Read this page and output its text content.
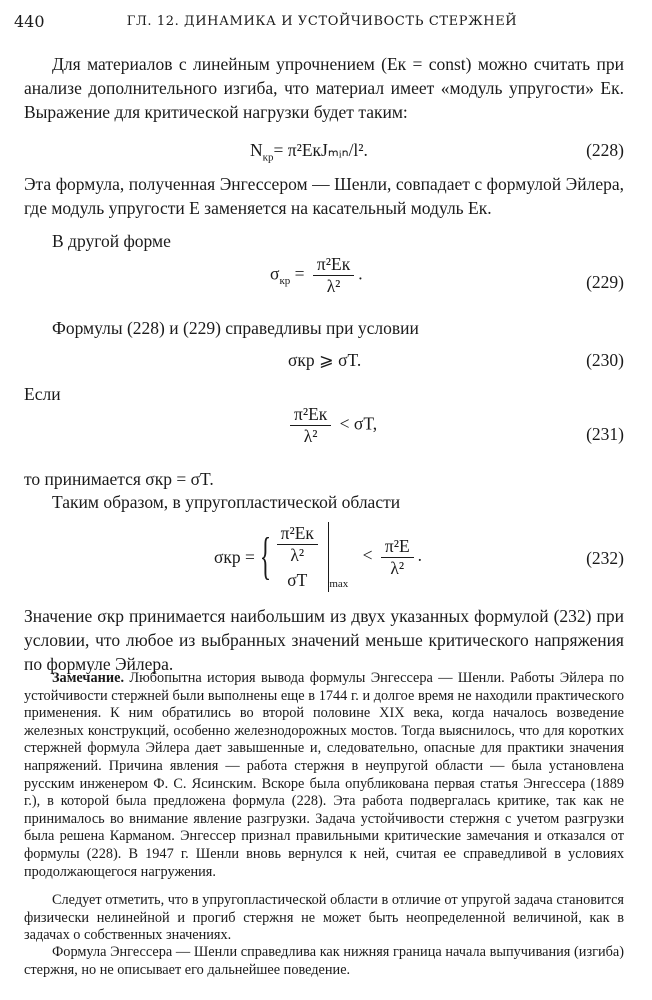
440	ГЛ. 12. ДИНАМИКА И УСТОЙЧИВОСТЬ СТЕРЖНЕЙ
Для материалов с линейным упрочнением (Eк = const) можно считать при анализе дополнительного изгиба, что материал имеет «модуль упругости» Eк. Выражение для критической нагрузки будет таким:
$N_{кр}=$ π²EкJₘᵢₙ/l².	(228)
Эта формула, полученная Энгессером — Шенли, совпадает с формулой Эйлера, где модуль упругости E заменяется на касательный модуль Eк.
В другой форме
$\sigma_{кр} = \frac{\text{π²Eк}}{\text{λ²}}$ .	(229)
Формулы (228) и (229) справедливы при условии
σкр ⩾ σT.	(230)
Если
$\frac{\text{π²Eк}}{\text{λ²}} < \sigma T$,
(231)
то принимается σкр = σT.
Таким образом, в упругопластической области
σкр = { $\frac{\text{π²Eк}}{\text{λ²}}$
σT	$_{max} < \frac{\text{π²E}}{\text{λ²}}$ .	(232)
Значение σкр принимается наибольшим из двух указанных формулой (232) при условии, что любое из выбранных значений меньше критического напряжения по формуле Эйлера.
Замечание. Любопытна история вывода формулы Энгессера — Шенли. Работы Эйлера по устойчивости стержней были выполнены еще в 1744 г. и долгое время не находили практического применения. К ним обратились во второй половине XIX века, когда началось возведение железных конструкций, особенно железнодорожных мостов. Тогда выяснилось, что для коротких стержней формула Эйлера дает завышенные и, следовательно, опасные для практики значения напряжений. Причина явления — работа стержня в неупругой области — была установлена русским инженером Ф. С. Ясинским. Вскоре была опубликована первая статья Энгессера (1889 г.), в которой была предложена формула (228). Эта работа подвергалась критике, так как не принималось во внимание явление разгрузки. Задача устойчивости стержня с учетом разгрузки была решена Карманом. Энгессер признал правильными критические замечания и отказался от формулы (228). В 1947 г. Шенли вновь вернулся к ней, считая ее справедливой в условиях продолжающегося нагружения.
Следует отметить, что в упругопластической области в отличие от упругой задача становится физически нелинейной и прогиб стержня не может быть неопределенной величиной, как в задачах о собственных значениях.
Формула Энгессера — Шенли справедлива как нижняя граница начала выпучивания (изгиба) стержня, но не описывает его дальнейшее поведение.
